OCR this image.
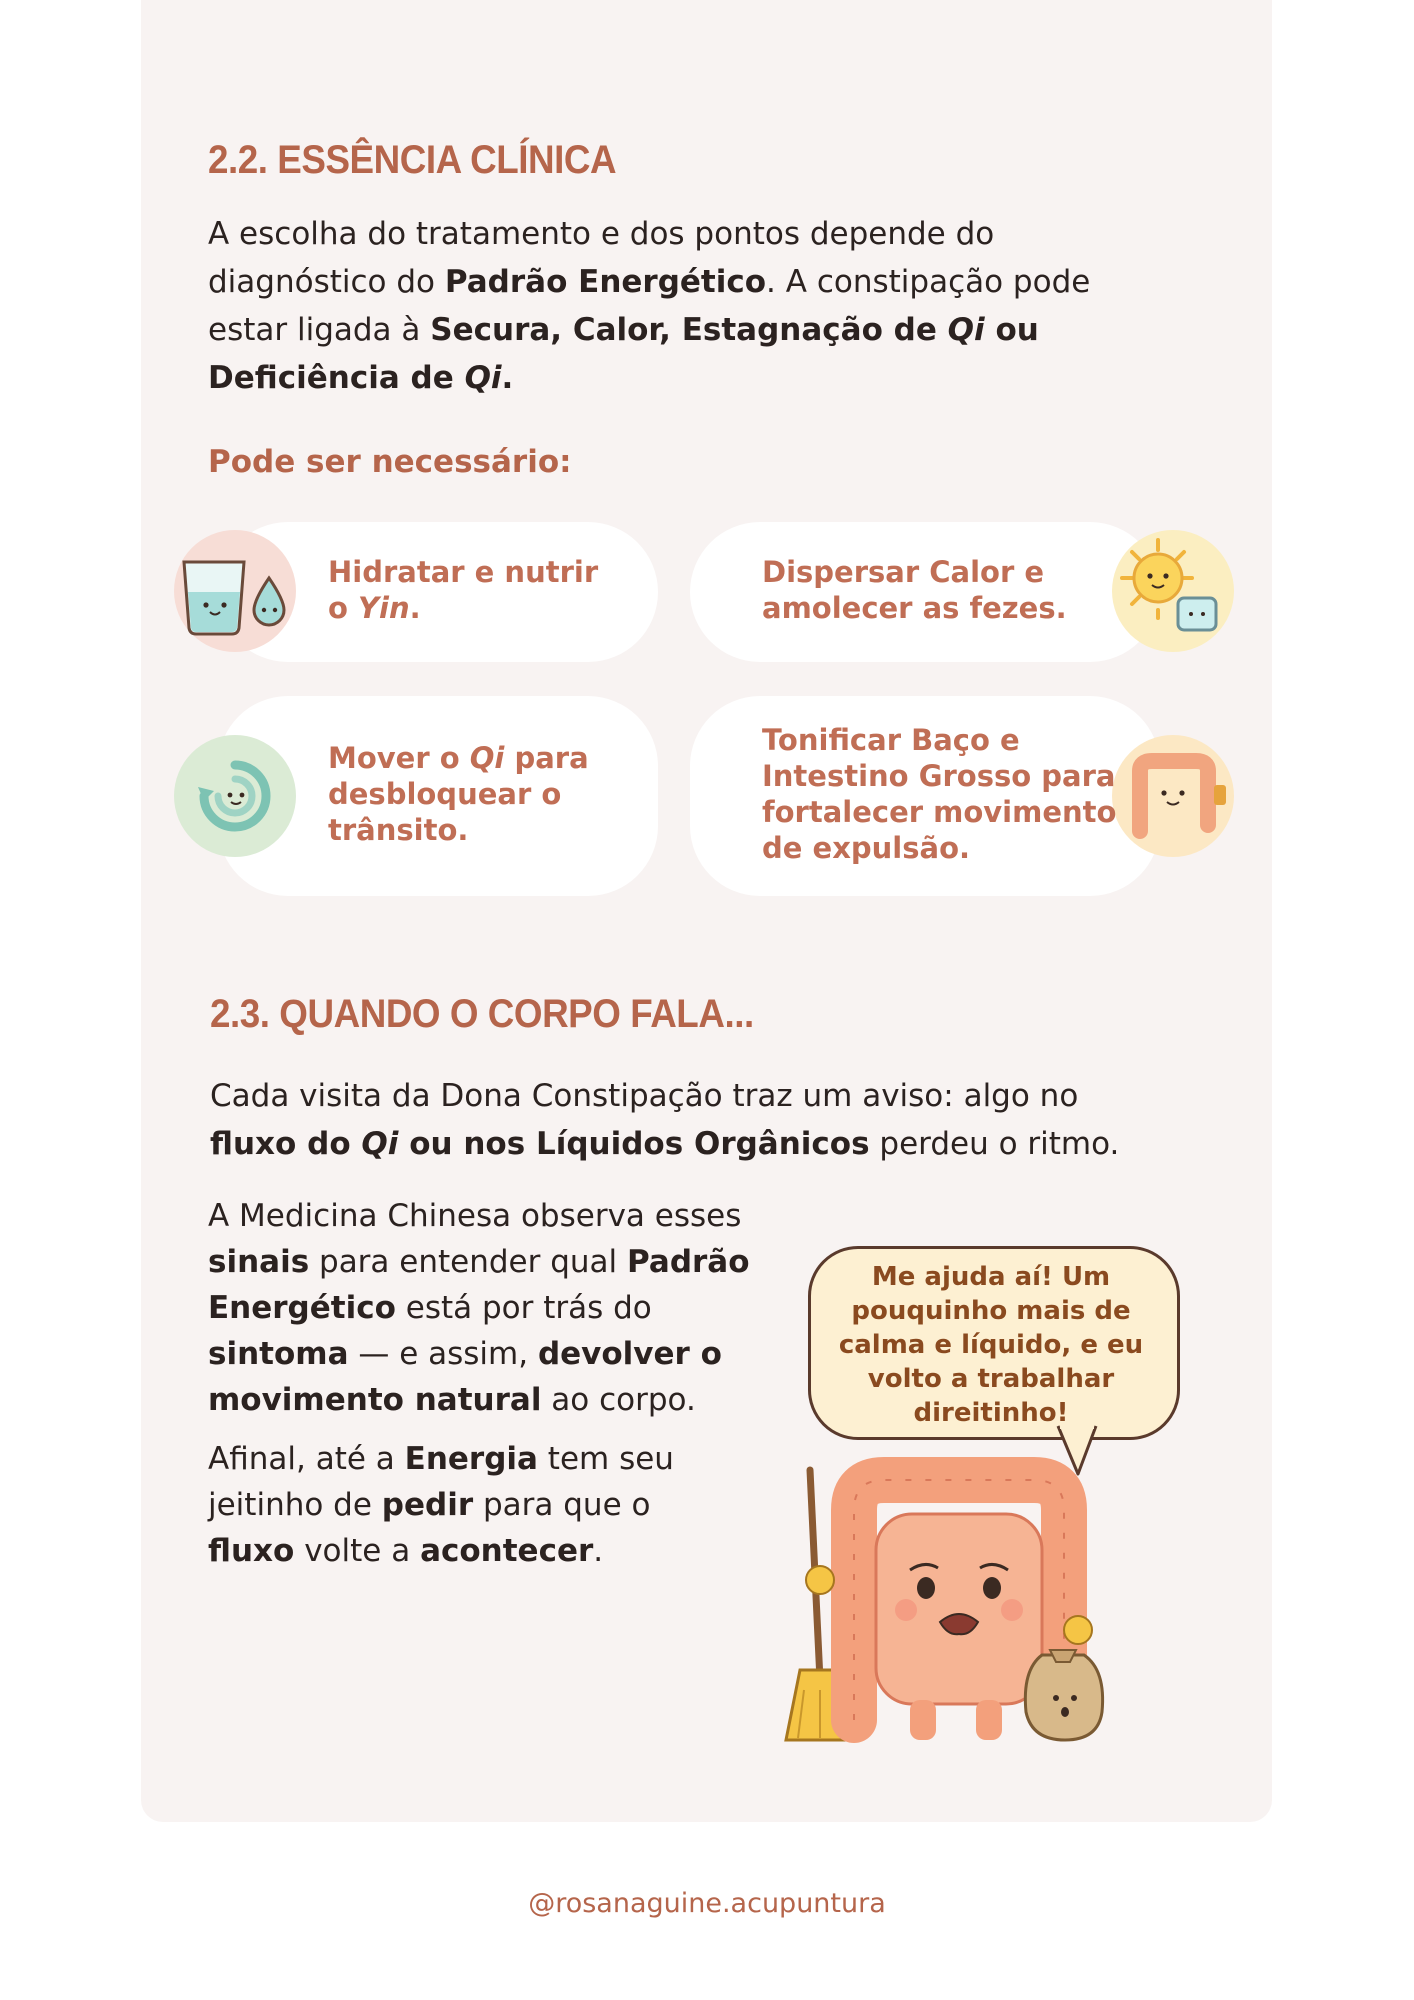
2.2. ESSÊNCIA CLÍNICA
A escolha do tratamento e dos pontos depende do diagnóstico do Padrão Energético. A constipação pode estar ligada à Secura, Calor, Estagnação de Qi ou Deficiência de Qi.
Pode ser necessário:
Hidratar e nutrir
o Yin.
Dispersar Calor e
amolecer as fezes.
Mover o Qi para
desbloquear o
trânsito.
Tonificar Baço e
Intestino Grosso para
fortalecer movimento
de expulsão.
2.3. QUANDO O CORPO FALA...
Cada visita da Dona Constipação traz um aviso: algo no fluxo do Qi ou nos Líquidos Orgânicos perdeu o ritmo.
A Medicina Chinesa observa esses sinais para entender qual Padrão Energético está por trás do sintoma — e assim, devolver o movimento natural ao corpo.
Afinal, até a Energia tem seu jeitinho de pedir para que o fluxo volte a acontecer.
Me ajuda aí! Um
pouquinho mais de
calma e líquido, e eu
volto a trabalhar
direitinho!
@rosanaguine.acupuntura
